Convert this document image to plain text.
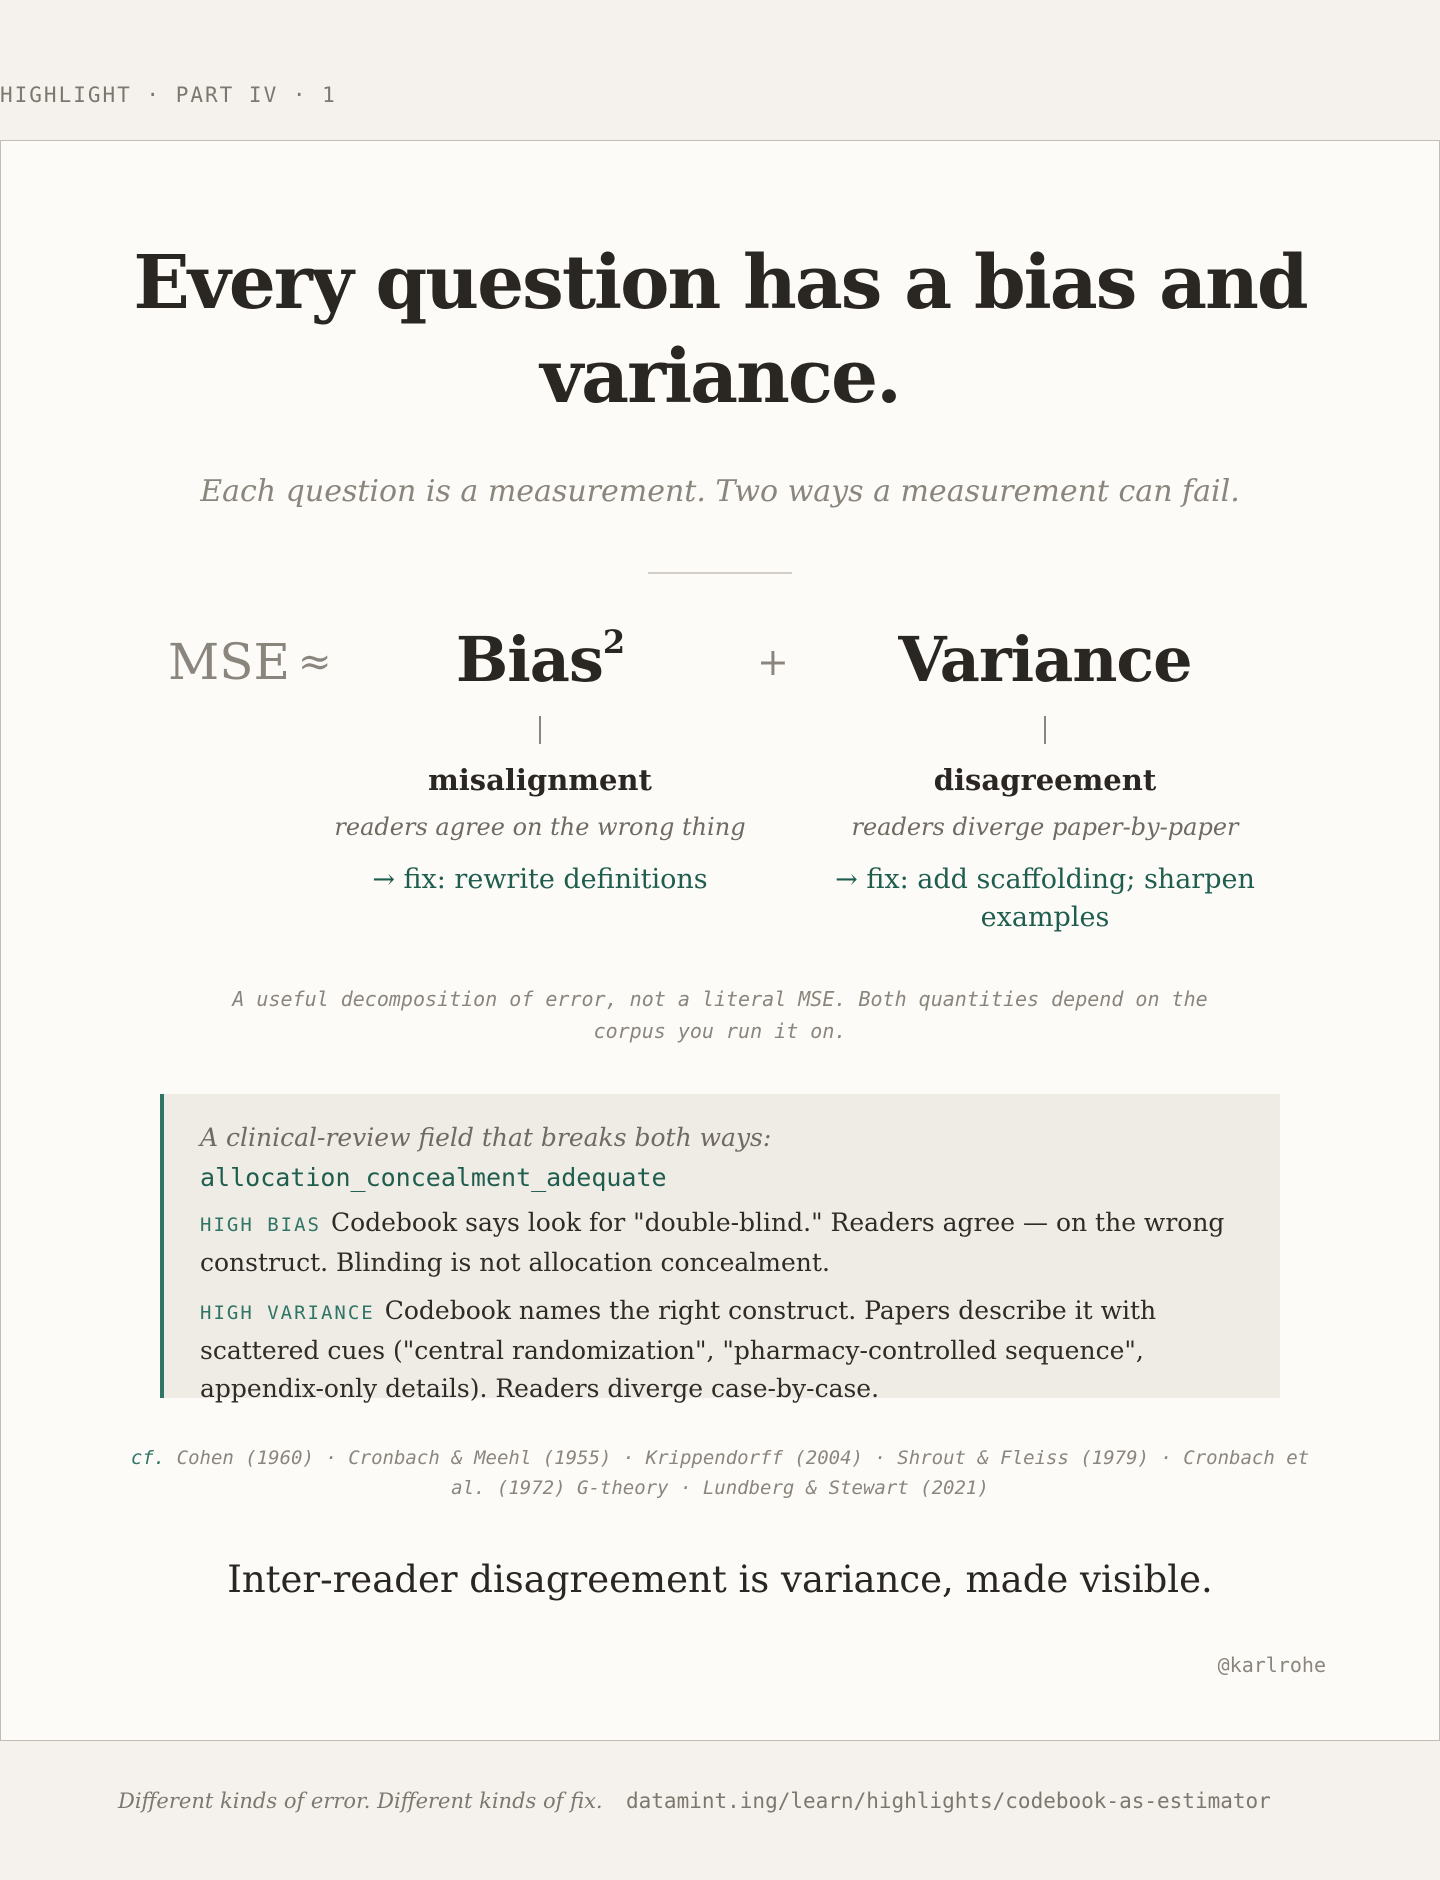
HIGHLIGHT · PART IV · 1
Every question has a bias and variance.
Each question is a measurement. Two ways a measurement can fail.
MSE ≈	+
Bias$^2$
misalignment
readers agree on the wrong thing
→ fix: rewrite definitions
Variance
disagreement
readers diverge paper-by-paper
→ fix: add scaffolding; sharpen examples
A useful decomposition of error, not a literal MSE. Both quantities depend on the corpus you run it on.

A clinical-review field that breaks both ways: allocation_concealment_adequate

HIGH BIAS Codebook says look for "double-blind." Readers agree — on the wrong construct. Blinding is not allocation concealment.

HIGH VARIANCE Codebook names the right construct. Papers describe it with scattered cues ("central randomization", "pharmacy-controlled sequence", appendix-only details). Readers diverge case-by-case.

cf. Cohen (1960) · Cronbach & Meehl (1955) · Krippendorff (2004) · Shrout & Fleiss (1979) · Cronbach et al. (1972) G-theory · Lundberg & Stewart (2021)
Inter-reader disagreement is variance, made visible.
@karlrohe
Different kinds of error. Different kinds of fix. datamint.ing/learn/highlights/codebook-as-estimator
